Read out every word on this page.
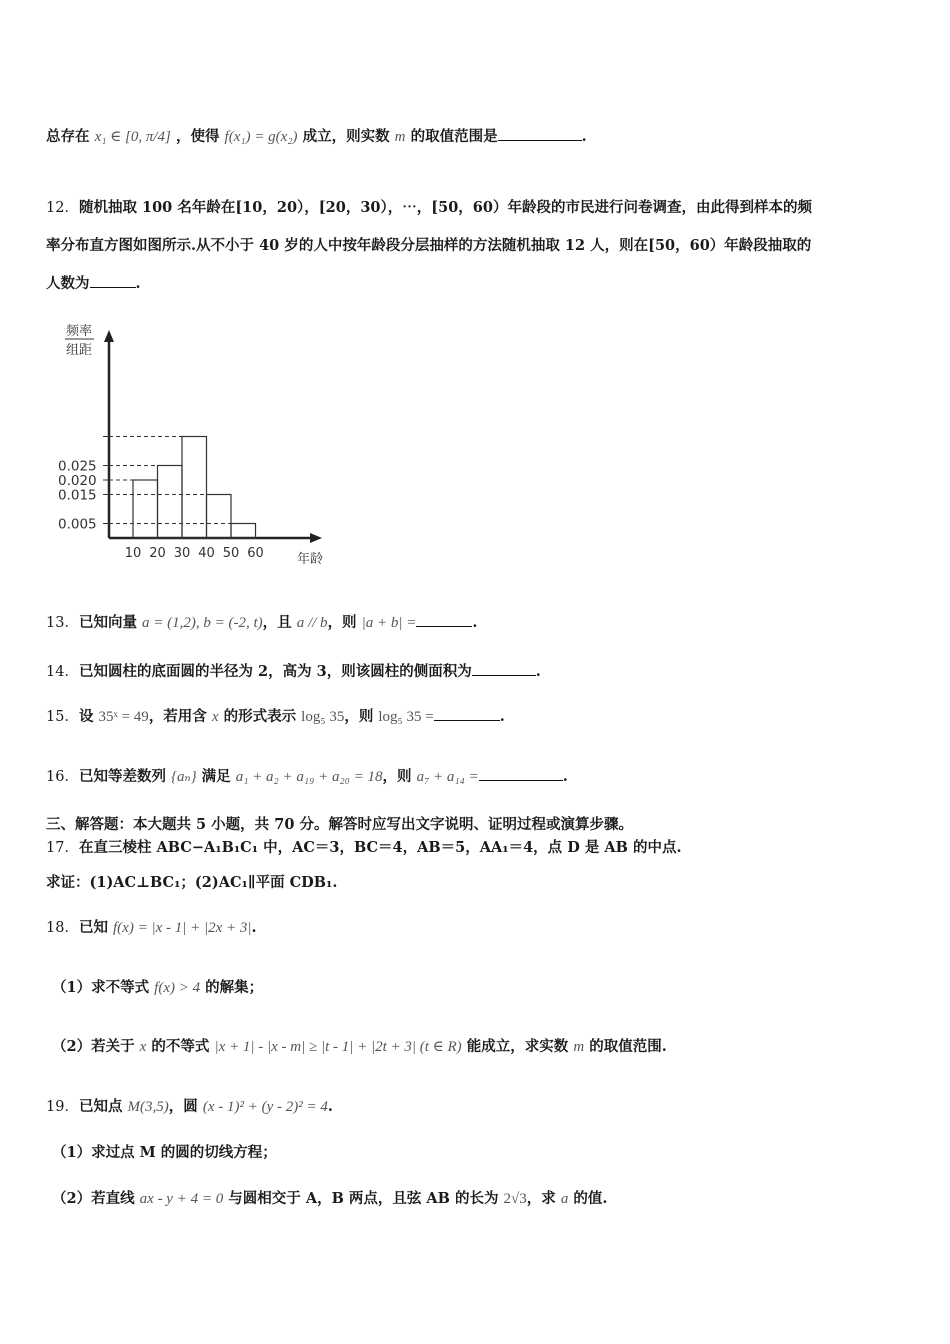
总存在 x₁ ∈ [0, π/4] ，使得 f(x₁) = g(x₂) 成立，则实数 m 的取值范围是	.
12．随机抽取 100 名年龄在[10，20），[20，30），⋯，[50，60）年龄段的市民进行问卷调查，由此得到样本的频
率分布直方图如图所示.从不小于 40 岁的人中按年龄段分层抽样的方法随机抽取 12 人，则在[50，60）年龄段抽取的
人数为	.
频率
组距
年龄
0.025
0.020
0.015
0.005
10 20 30 40 50 60
13．已知向量 a = (1,2), b = (-2, t)，且 a // b，则 |a + b| =	.
14．已知圆柱的底面圆的半径为 2，高为 3，则该圆柱的侧面积为	.
15．设 35ˣ = 49，若用含 x 的形式表示 log₅ 35，则 log₅ 35 =	.
16．已知等差数列 {aₙ} 满足 a₁ + a₂ + a₁₉ + a₂₀ = 18，则 a₇ + a₁₄ =	.
三、解答题：本大题共 5 小题，共 70 分。解答时应写出文字说明、证明过程或演算步骤。
17．在直三棱柱 ABC−A₁B₁C₁ 中，AC＝3，BC＝4，AB＝5，AA₁＝4，点 D 是 AB 的中点.
求证：(1)AC⊥BC₁；(2)AC₁∥平面 CDB₁.
18．已知 f(x) = |x - 1| + |2x + 3|.
（1）求不等式 f(x) > 4 的解集；
（2）若关于 x 的不等式 |x + 1| - |x - m| ≥ |t - 1| + |2t + 3| (t ∈ R) 能成立，求实数 m 的取值范围.
19．已知点 M(3,5)，圆 (x - 1)² + (y - 2)² = 4.
（1）求过点 M 的圆的切线方程；
（2）若直线 ax - y + 4 = 0 与圆相交于 A，B 两点，且弦 AB 的长为 2√3，求 a 的值.
